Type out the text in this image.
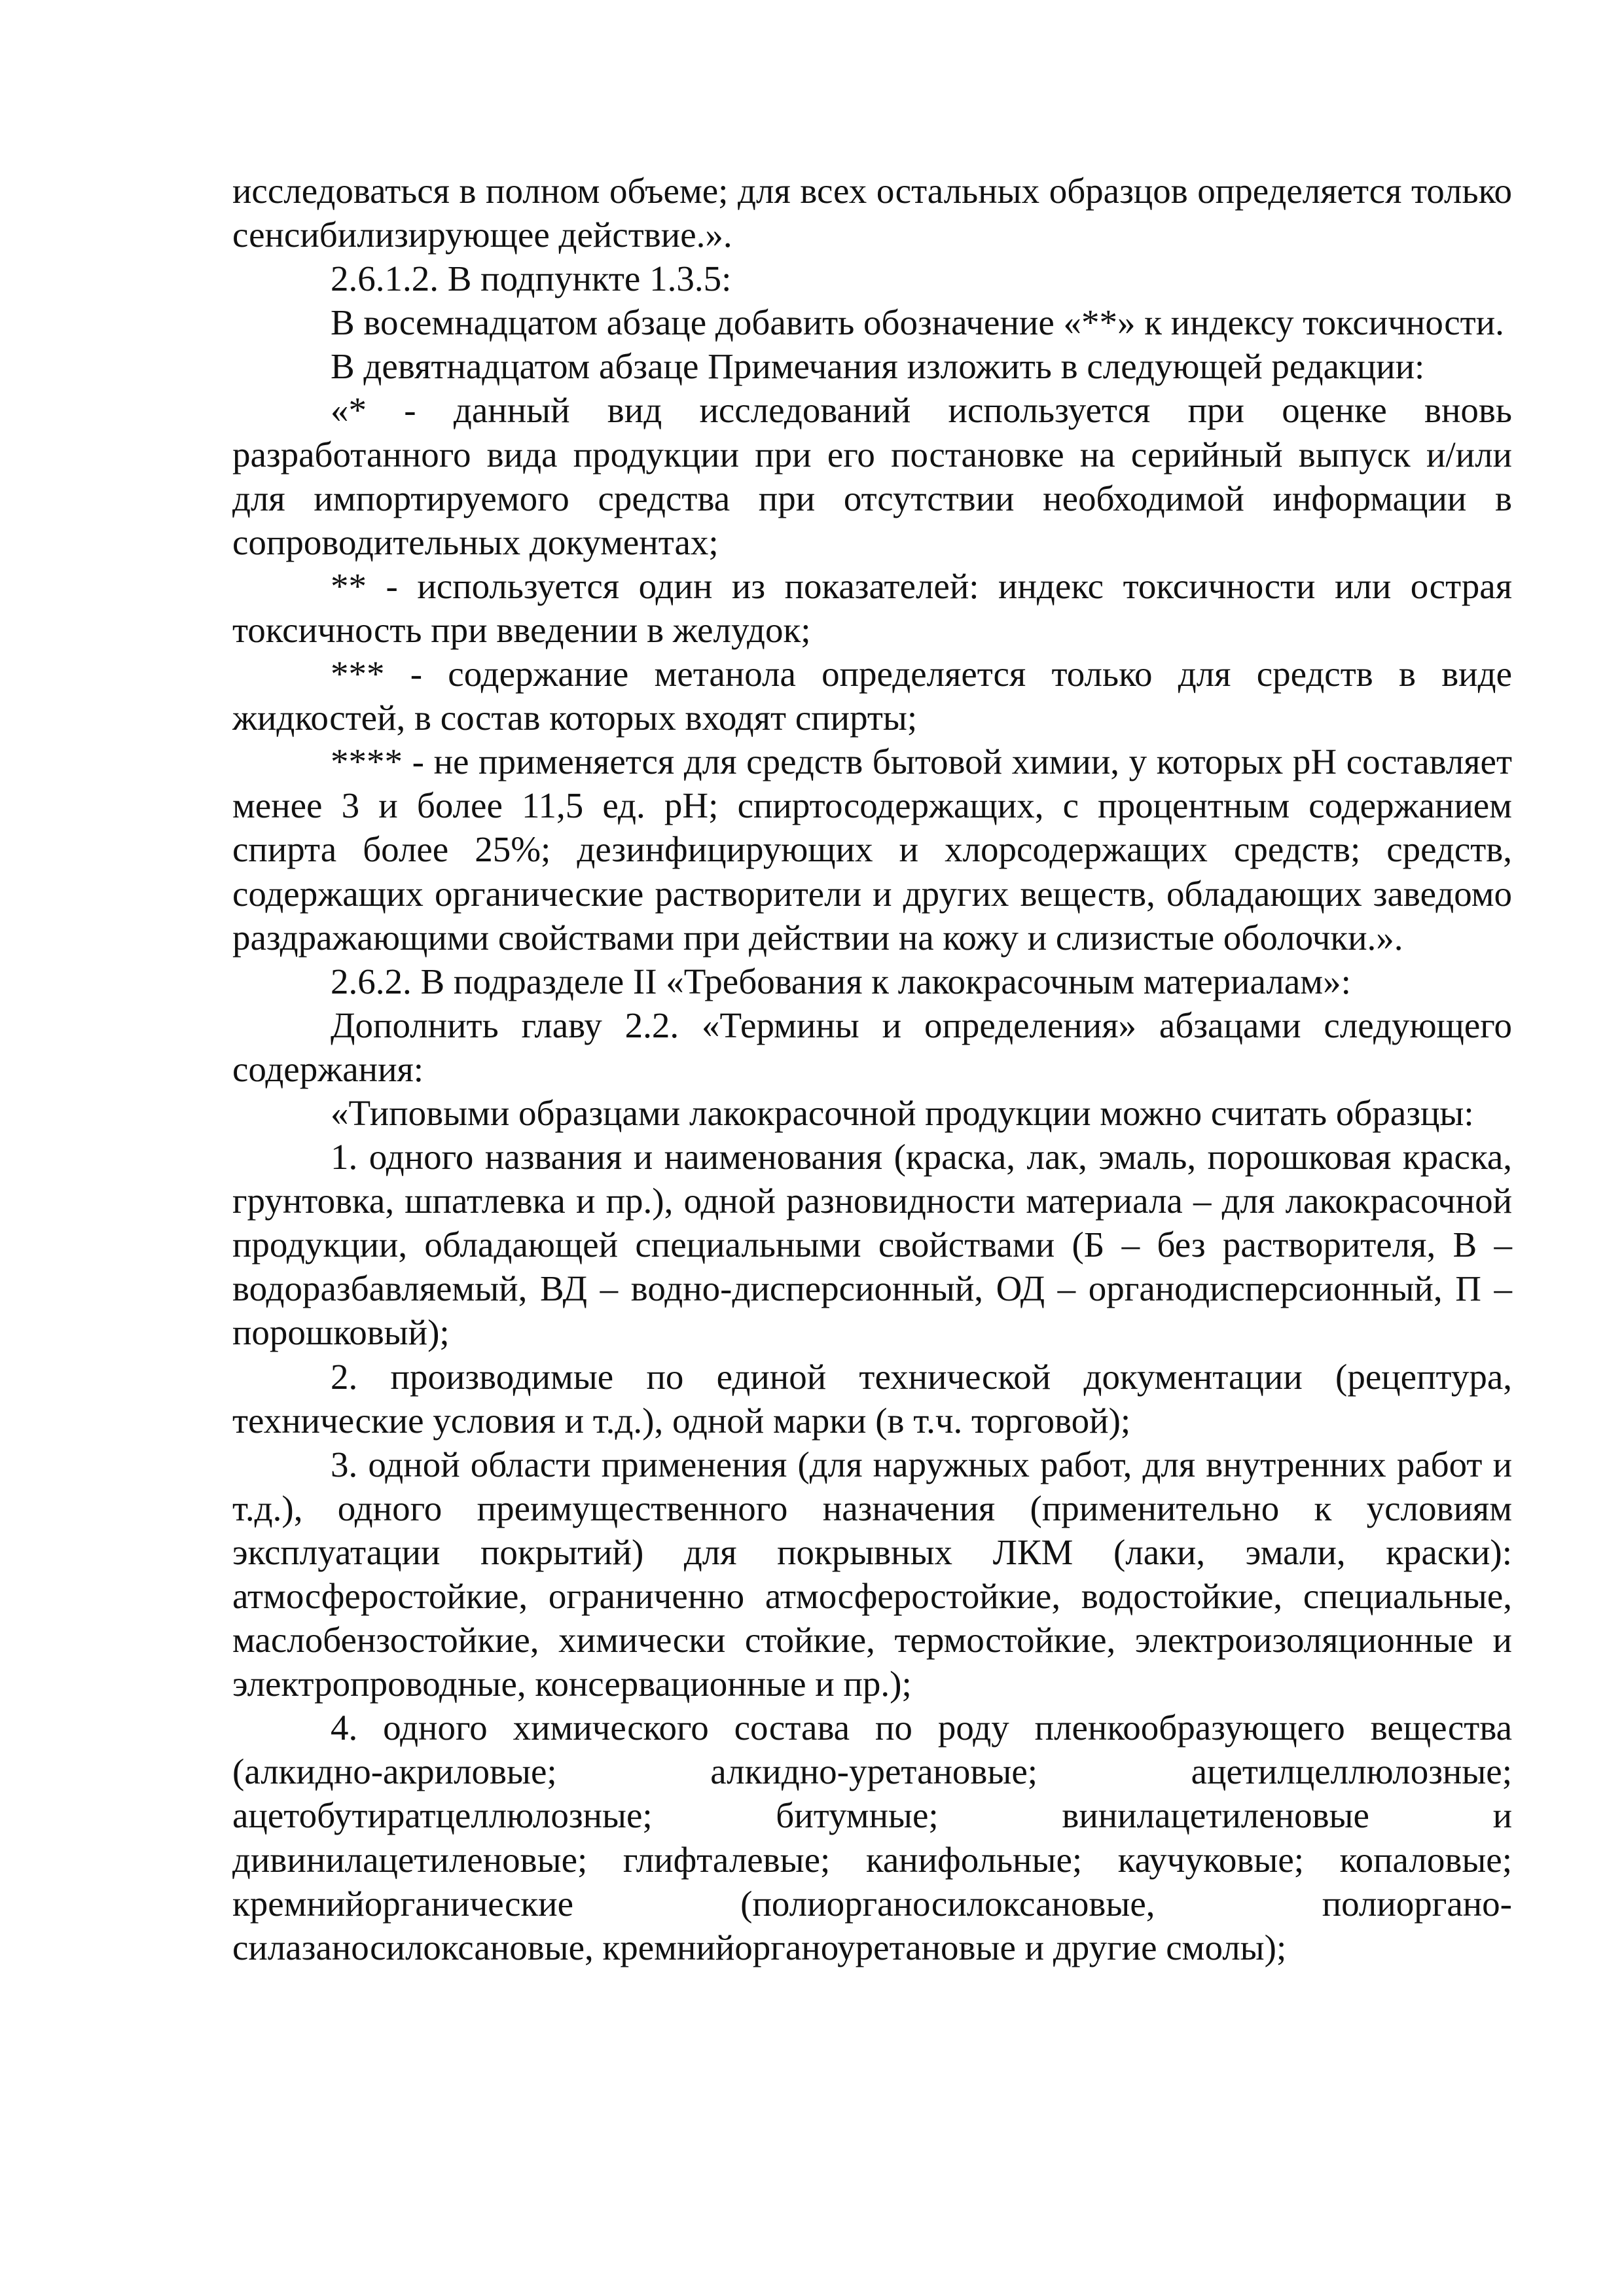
исследоваться в полном объеме; для всех остальных образцов определяется только сенсибилизирующее действие.».

2.6.1.2. В подпункте 1.3.5:

В восемнадцатом абзаце добавить обозначение «**» к индексу токсичности.

В девятнадцатом абзаце Примечания изложить в следующей редакции:

«* - данный вид исследований используется при оценке вновь разработанного вида продукции при его постановке на серийный выпуск и/или для импортируемого средства при отсутствии необходимой информации в сопроводительных документах;

** - используется один из показателей: индекс токсичности или острая токсичность при введении в желудок;

*** - содержание метанола определяется только для средств в виде жидкостей, в состав которых входят спирты;

**** - не применяется для средств бытовой химии, у которых pH составляет менее 3 и более 11,5 ед. pH; спиртосодержащих, с процентным содержанием спирта более 25%; дезинфицирующих и хлорсодержащих средств; средств, содержащих органические растворители и других веществ, обладающих заведомо раздражающими свойствами при действии на кожу и слизистые оболочки.».

2.6.2. В подразделе II «Требования к лакокрасочным материалам»:

Дополнить главу 2.2. «Термины и определения» абзацами следующего содержания:

«Типовыми образцами лакокрасочной продукции можно считать образцы:

1. одного названия и наименования (краска, лак, эмаль, порошковая краска, грунтовка, шпатлевка и пр.), одной разновидности материала – для лакокрасочной продукции, обладающей специальными свойствами (Б – без растворителя, В – водоразбавляемый, ВД – водно-дисперсионный, ОД – органодисперсионный, П – порошковый);

2. производимые по единой технической документации (рецептура, технические условия и т.д.), одной марки (в т.ч. торговой);

3. одной области применения (для наружных работ, для внутренних работ и т.д.), одного преимущественного назначения (применительно к условиям эксплуатации покрытий) для покрывных ЛКМ (лаки, эмали, краски): атмосферостойкие, ограниченно атмосферостойкие, водостойкие, специальные, маслобензостойкие, химически стойкие, термостойкие, электроизоляционные и электропроводные, консервационные и пр.);

4. одного химического состава по роду пленкообразующего вещества (алкидно-акриловые; алкидно-уретановые; ацетилцеллюлозные; ацетобутиратцеллюлозные; битумные; винилацетиленовые и дивинилацетиленовые; глифталевые; канифольные; каучуковые; копаловые; кремнийорганические (полиорганосилоксановые, полиоргано-силазаносилоксановые, кремнийорганоуретановые и другие смолы);
